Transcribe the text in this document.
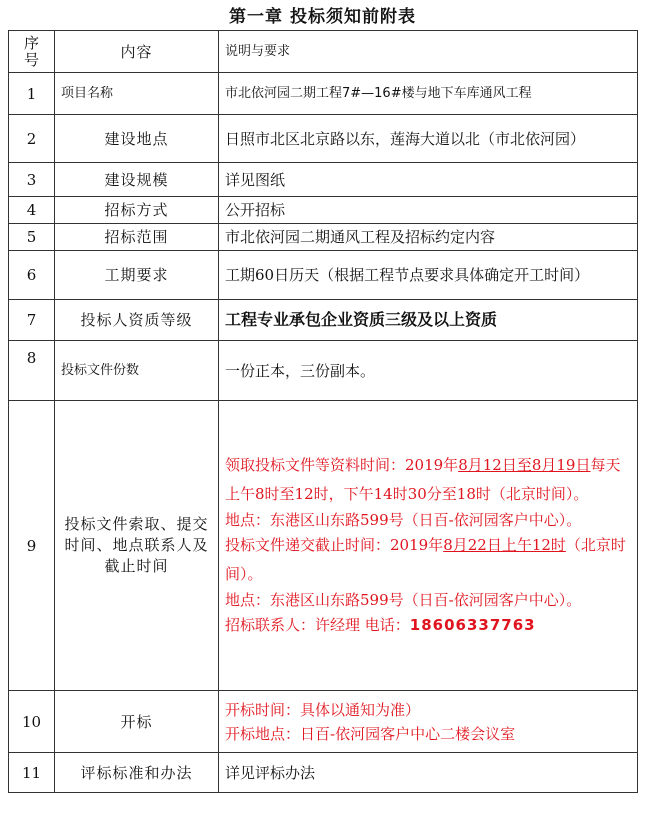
第一章 投标须知前附表
序号	内容	说明与要求
1	项目名称	市北依河园二期工程7#—16#楼与地下车库通风工程
2	建设地点	日照市北区北京路以东，莲海大道以北（市北依河园）
3	建设规模	详见图纸
4	招标方式	公开招标
5	招标范围	市北依河园二期通风工程及招标约定内容
6	工期要求	工期60日历天（根据工程节点要求具体确定开工时间）
7	投标人资质等级	工程专业承包企业资质三级及以上资质
8	投标文件份数	一份正本，三份副本。
9	投标文件索取、提交时间、地点联系人及截止时间	领取投标文件等资料时间：2019年8月12日至8月19日每天上午8时至12时，下午14时30分至18时（北京时间）。

地点：东港区山东路599号（日百-依河园客户中心）。

投标文件递交截止时间：2019年8月22日上午12时（北京时间）。

地点：东港区山东路599号（日百-依河园客户中心）。

招标联系人：许经理 电话：18606337763

10	开标	开标时间：具体以通知为准）

开标地点：日百-依河园客户中心二楼会议室

11	评标标准和办法	详见评标办法
